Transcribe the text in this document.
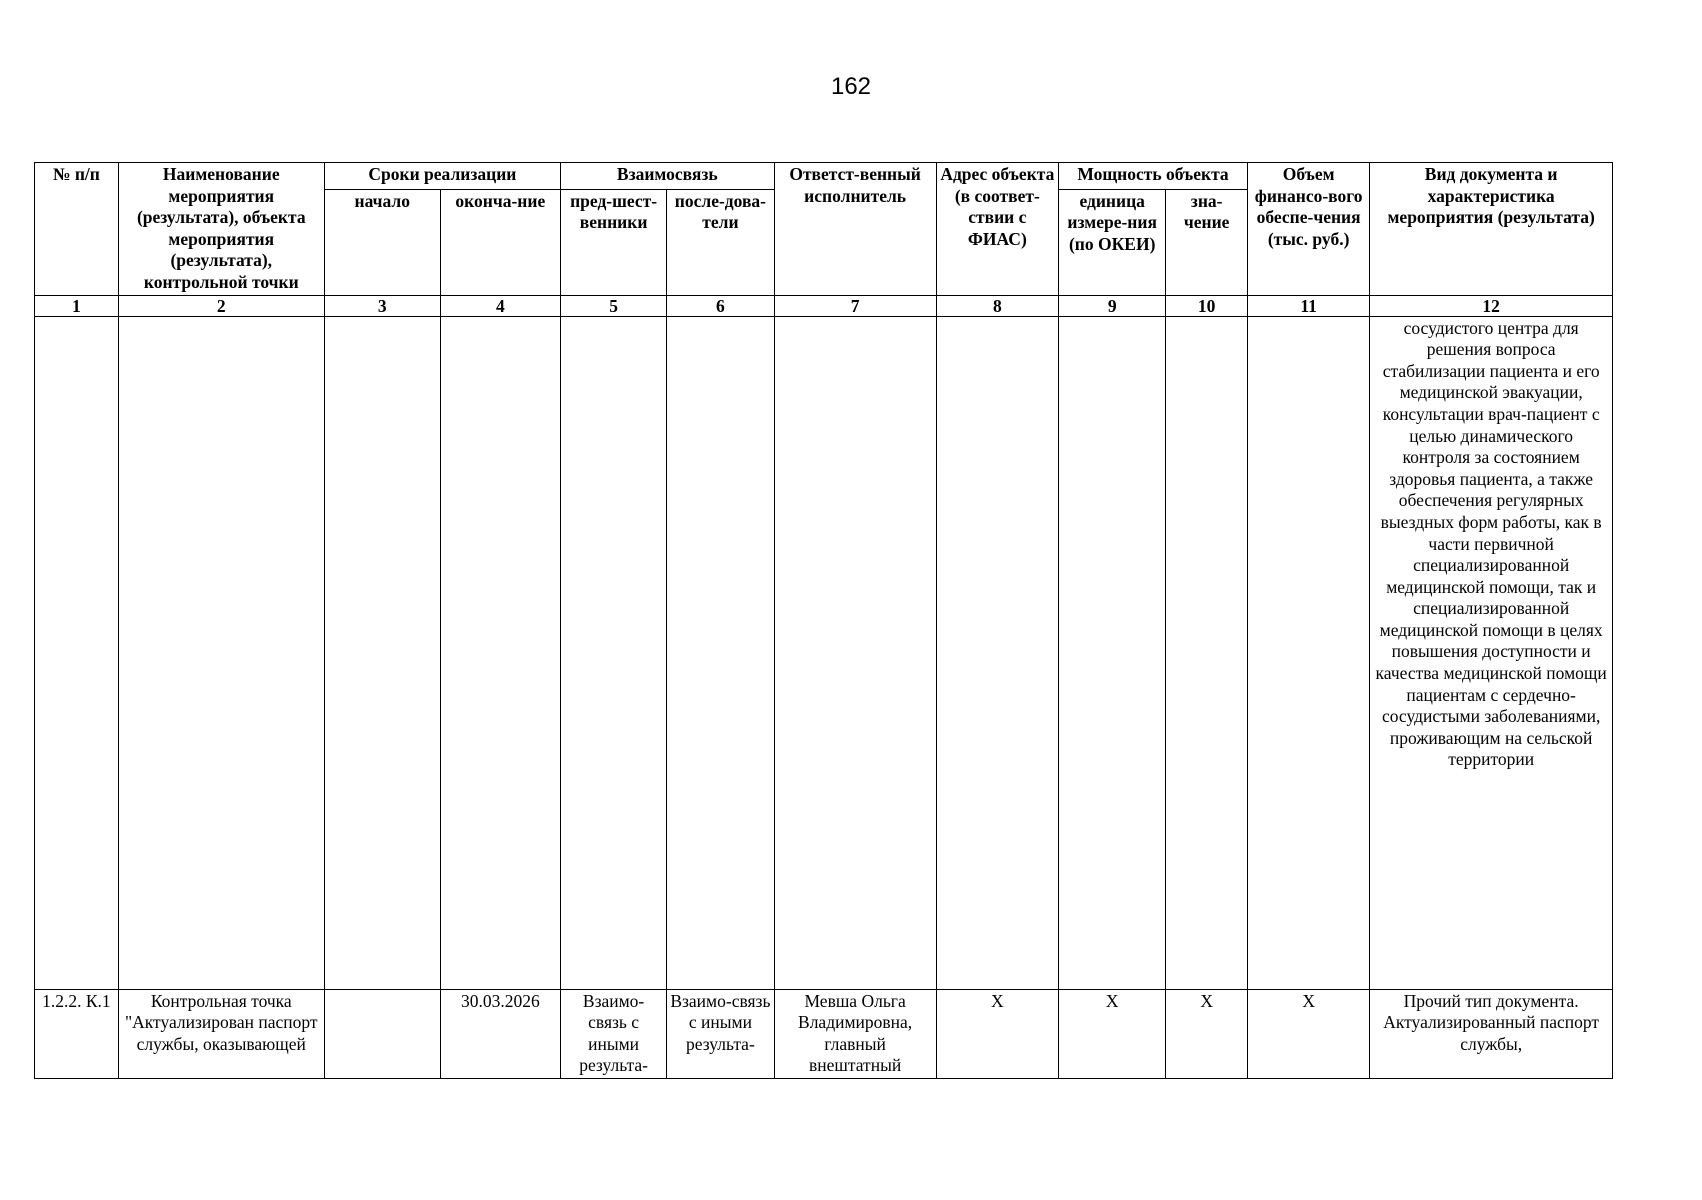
162
№ п/п	Наименование мероприятия (результата), объекта мероприятия (результата), контрольной точки	Сроки реализации		Взаимосвязь		Ответст-венный исполнитель	Адрес объекта (в соответ-ствии с ФИАС)	Мощность объекта		Объем финансо-вого обеспе-чения (тыс. руб.)	Вид документа и характеристика мероприятия (результата)
		начало	оконча-ние	пред-шест-венники	после-дова-тели			единица измере-ния (по ОКЕИ)	зна-чение		
1	2	3	4	5	6	7	8	9	10	11	12
											сосудистого центра для решения вопроса стабилизации пациента и его медицинской эвакуации, консультации врач-пациент с целью динамического контроля за состоянием здоровья пациента, а также обеспечения регулярных выездных форм работы, как в части первичной специализированной медицинской помощи, так и специализированной медицинской помощи в целях повышения доступности и качества медицинской помощи пациентам с сердечно-сосудистыми заболеваниями, проживающим на сельской территории
1.2.2. К.1	Контрольная точка "Актуализирован паспорт службы, оказывающей		30.03.2026	Взаимо-связь с иными результа-	Взаимо-связь с иными результа-	Мевша Ольга Владимировна, главный внештатный	X	X	X	X	Прочий тип документа. Актуализированный паспорт службы,
